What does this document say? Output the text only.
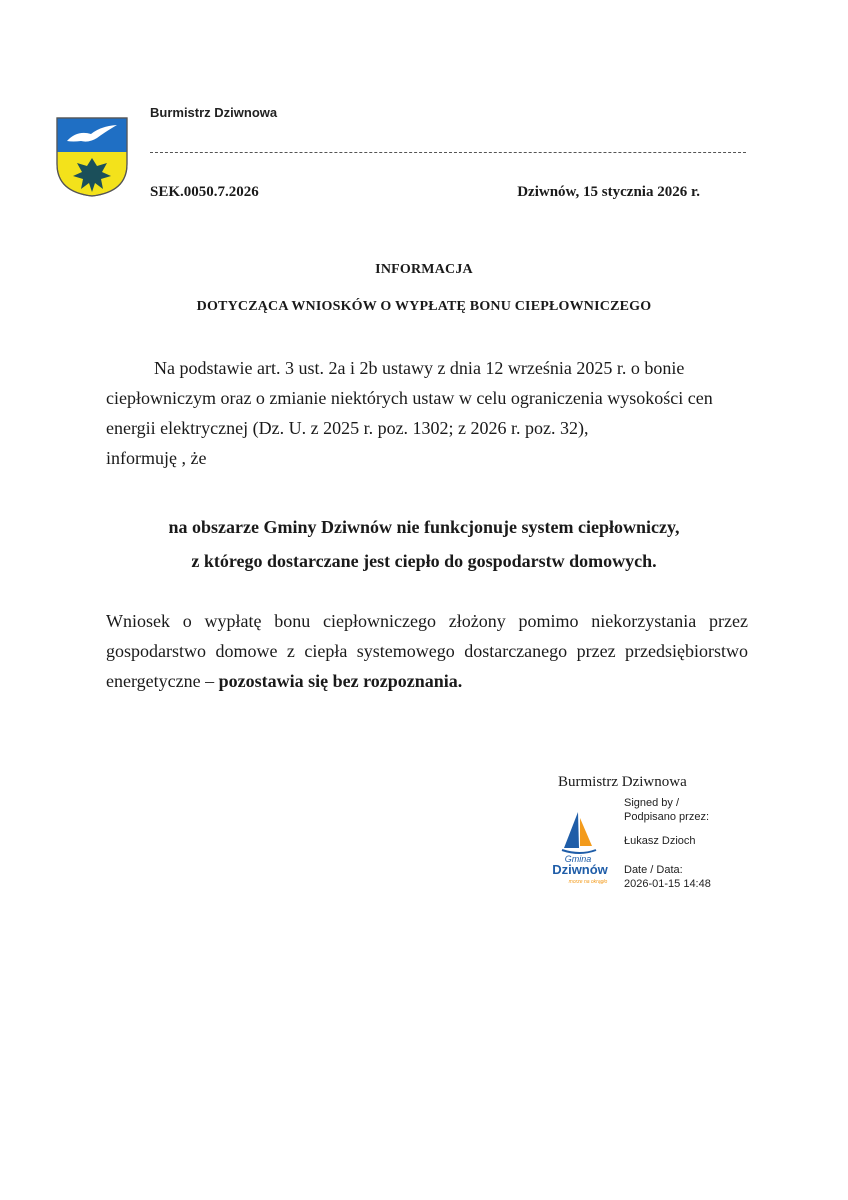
Burmistrz Dziwnowa
SEK.0050.7.2026	Dziwnów, 15 stycznia 2026 r.
INFORMACJA
DOTYCZĄCA WNIOSKÓW O WYPŁATĘ BONU CIEPŁOWNICZEGO
Na podstawie art. 3 ust. 2a i 2b ustawy z dnia 12 września 2025 r. o bonie ciepłowniczym oraz o zmianie niektórych ustaw w celu ograniczenia wysokości cen energii elektrycznej (Dz. U. z 2025 r. poz. 1302; z 2026 r. poz. 32),
informuję , że
na obszarze Gminy Dziwnów nie funkcjonuje system ciepłowniczy,
z którego dostarczane jest ciepło do gospodarstw domowych.
Wniosek o wypłatę bonu ciepłowniczego złożony pomimo niekorzystania przez gospodarstwo domowe z ciepła systemowego dostarczanego przez przedsiębiorstwo energetyczne – pozostawia się bez rozpoznania.
Burmistrz Dziwnowa
Gmina
Dziwnów
morze na okrągło
Signed by /
Podpisano przez:
Łukasz Dzioch
Date / Data:
2026-01-15 14:48
